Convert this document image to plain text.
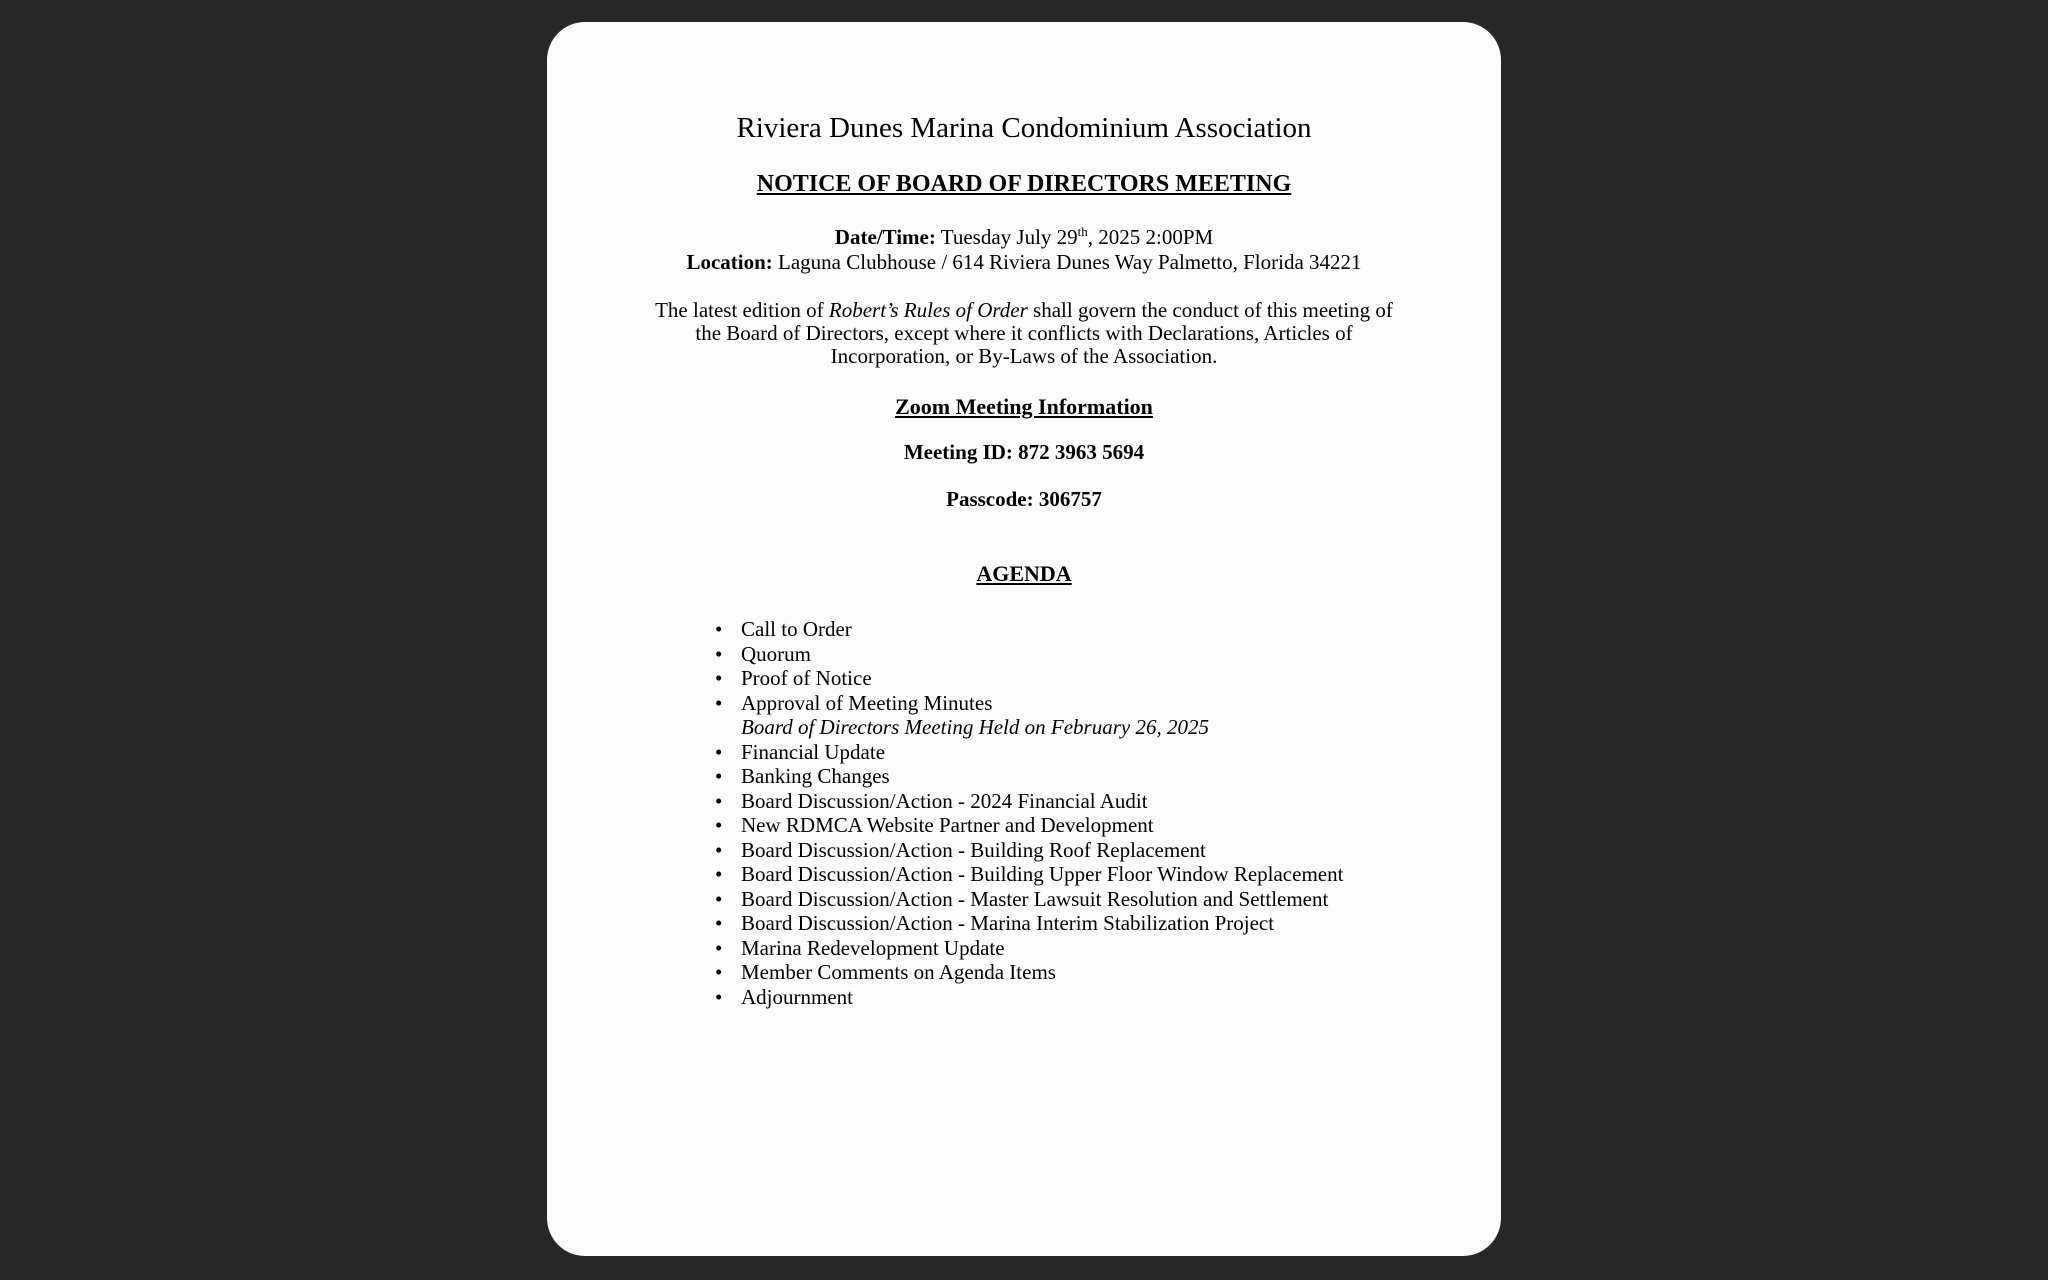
Riviera Dunes Marina Condominium Association
NOTICE OF BOARD OF DIRECTORS MEETING
Date/Time: Tuesday July 29th, 2025 2:00PM
Location: Laguna Clubhouse / 614 Riviera Dunes Way Palmetto, Florida 34221

The latest edition of Robert’s Rules of Order shall govern the conduct of this meeting of the Board of Directors, except where it conflicts with Declarations, Articles of Incorporation, or By-Laws of the Association.

Zoom Meeting Information
Meeting ID: 872 3963 5694
Passcode: 306757
AGENDA
• Call to Order
• Quorum
• Proof of Notice
• Approval of Meeting Minutes
Board of Directors Meeting Held on February 26, 2025
• Financial Update
• Banking Changes
• Board Discussion/Action - 2024 Financial Audit
• New RDMCA Website Partner and Development
• Board Discussion/Action - Building Roof Replacement
• Board Discussion/Action - Building Upper Floor Window Replacement
• Board Discussion/Action - Master Lawsuit Resolution and Settlement
• Board Discussion/Action - Marina Interim Stabilization Project
• Marina Redevelopment Update
• Member Comments on Agenda Items
• Adjournment
